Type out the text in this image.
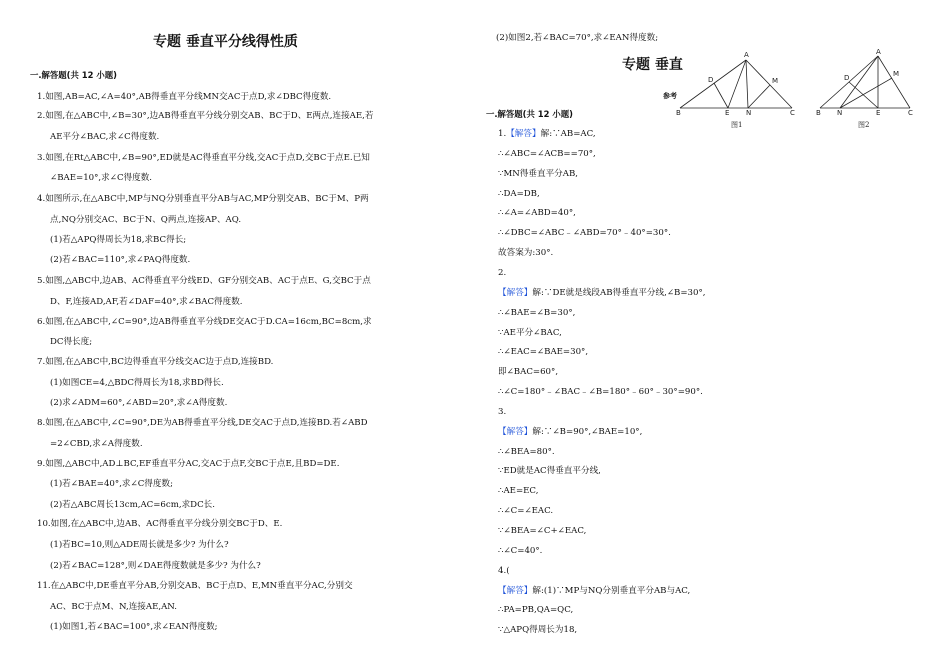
专题 垂直平分线得性质
一.解答题(共 12 小题)
1.如图,AB=AC,∠A=40°,AB得垂直平分线MN交AC于点D,求∠DBC得度数.
2.如图,在△ABC中,∠B=30°,边AB得垂直平分线分别交AB、BC于D、E两点,连接AE,若
AE平分∠BAC,求∠C得度数.
3.如图,在Rt△ABC中,∠B=90°,ED就是AC得垂直平分线,交AC于点D,交BC于点E.已知
∠BAE=10°,求∠C得度数.
4.如图所示,在△ABC中,MP与NQ分别垂直平分AB与AC,MP分别交AB、BC于M、P两
点,NQ分别交AC、BC于N、Q两点,连接AP、AQ.
(1)若△APQ得周长为18,求BC得长;
(2)若∠BAC=110°,求∠PAQ得度数.
5.如图,△ABC中,边AB、AC得垂直平分线ED、GF分别交AB、AC于点E、G,交BC于点
D、F,连接AD,AF,若∠DAF=40°,求∠BAC得度数.
6.如图,在△ABC中,∠C=90°,边AB得垂直平分线DE交AC于D.CA=16cm,BC=8cm,求
DC得长度;
7.如图,在△ABC中,BC边得垂直平分线交AC边于点D,连接BD.
(1)如图CE=4,△BDC得周长为18,求BD得长.
(2)求∠ADM=60°,∠ABD=20°,求∠A得度数.
8.如图,在△ABC中,∠C=90°,DE为AB得垂直平分线,DE交AC于点D,连接BD.若∠ABD
=2∠CBD,求∠A得度数.
9.如图,△ABC中,AD⊥BC,EF垂直平分AC,交AC于点F,交BC于点E,且BD=DE.
(1)若∠BAE=40°,求∠C得度数;
(2)若△ABC周长13cm,AC=6cm,求DC长.
10.如图,在△ABC中,边AB、AC得垂直平分线分别交BC于D、E.
(1)若BC=10,则△ADE周长就是多少? 为什么?
(2)若∠BAC=128°,则∠DAE得度数就是多少? 为什么?
11.在△ABC中,DE垂直平分AB,分别交AB、BC于点D、E,MN垂直平分AC,分别交
AC、BC于点M、N,连接AE,AN.
(1)如图1,若∠BAC=100°,求∠EAN得度数;
(2)如图2,若∠BAC=70°,求∠EAN得度数;
专题 垂直
参考
一.解答题(共 12 小题)
1.【解答】解:∵AB=AC,
∴∠ABC=∠ACB==70°,
∵MN得垂直平分AB,
∴DA=DB,
∴∠A=∠ABD=40°,
∴∠DBC=∠ABC﹣∠ABD=70°﹣40°=30°.
故答案为:30°.
2.
【解答】解:∵DE就是线段AB得垂直平分线,∠B=30°,
∴∠BAE=∠B=30°,
∵AE平分∠BAC,
∴∠EAC=∠BAE=30°,
即∠BAC=60°,
∴∠C=180°﹣∠BAC﹣∠B=180°﹣60°﹣30°=90°.
3.
【解答】解:∵∠B=90°,∠BAE=10°,
∴∠BEA=80°.
∵ED就是AC得垂直平分线,
∴AE=EC,
∴∠C=∠EAC.
∵∠BEA=∠C+∠EAC,
∴∠C=40°.
4.(
【解答】解:(1)∵MP与NQ分别垂直平分AB与AC,
∴PA=PB,QA=QC,
∵△APQ得周长为18,
A
D	M
B	E N	C
图1
A
D	M
B N	E	C
图2
